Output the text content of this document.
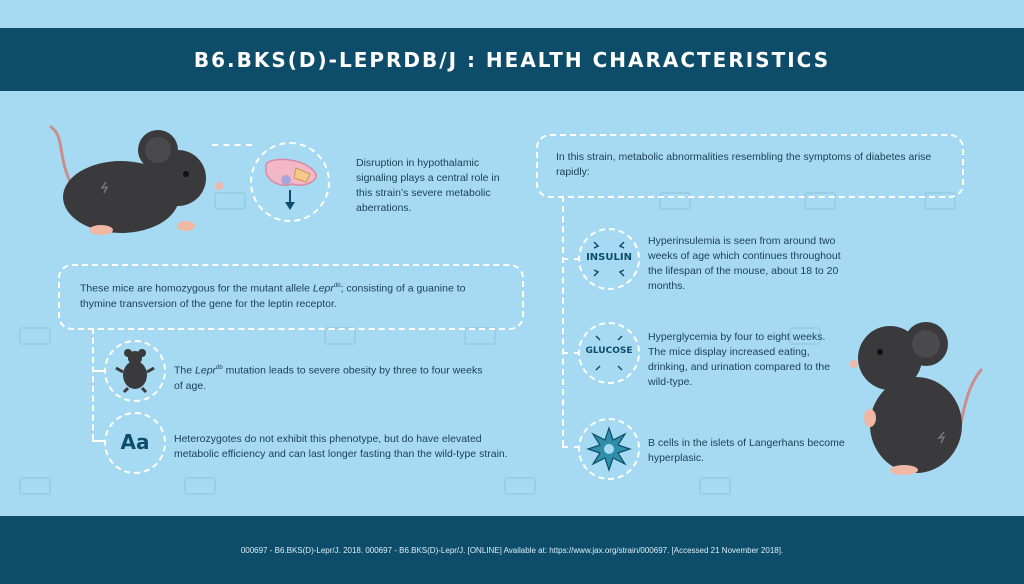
B6.BKS(D)-LEPRDB/J : HEALTH CHARACTERISTICS
Disruption in hypothalamic signaling plays a central role in this strain’s severe metabolic aberrations.
These mice are homozygous for the mutant allele Lepr$^{db}$; consisting of a guanine to thymine transversion of the gene for the leptin receptor.
The Lepr$^{db}$ mutation leads to severe obesity by three to four weeks of age.
Aa	Heterozygotes do not exhibit this phenotype, but do have elevated metabolic efficiency and can last longer fasting than the wild-type strain.
In this strain, metabolic abnormalities resembling the symptoms of diabetes arise rapidly:
INSULIN
Hyperinsulemia is seen from around two weeks of age which continues throughout the lifespan of the mouse, about 18 to 20 months.
GLUCOSE
Hyperglycemia by four to eight weeks. The mice display increased eating, drinking, and urination compared to the wild-type.
B cells in the islets of Langerhans become hyperplasic.
000697 - B6.BKS(D)-Lepr/J. 2018. 000697 - B6.BKS(D)-Lepr/J. [ONLINE] Available at: https://www.jax.org/strain/000697. [Accessed 21 November 2018].
